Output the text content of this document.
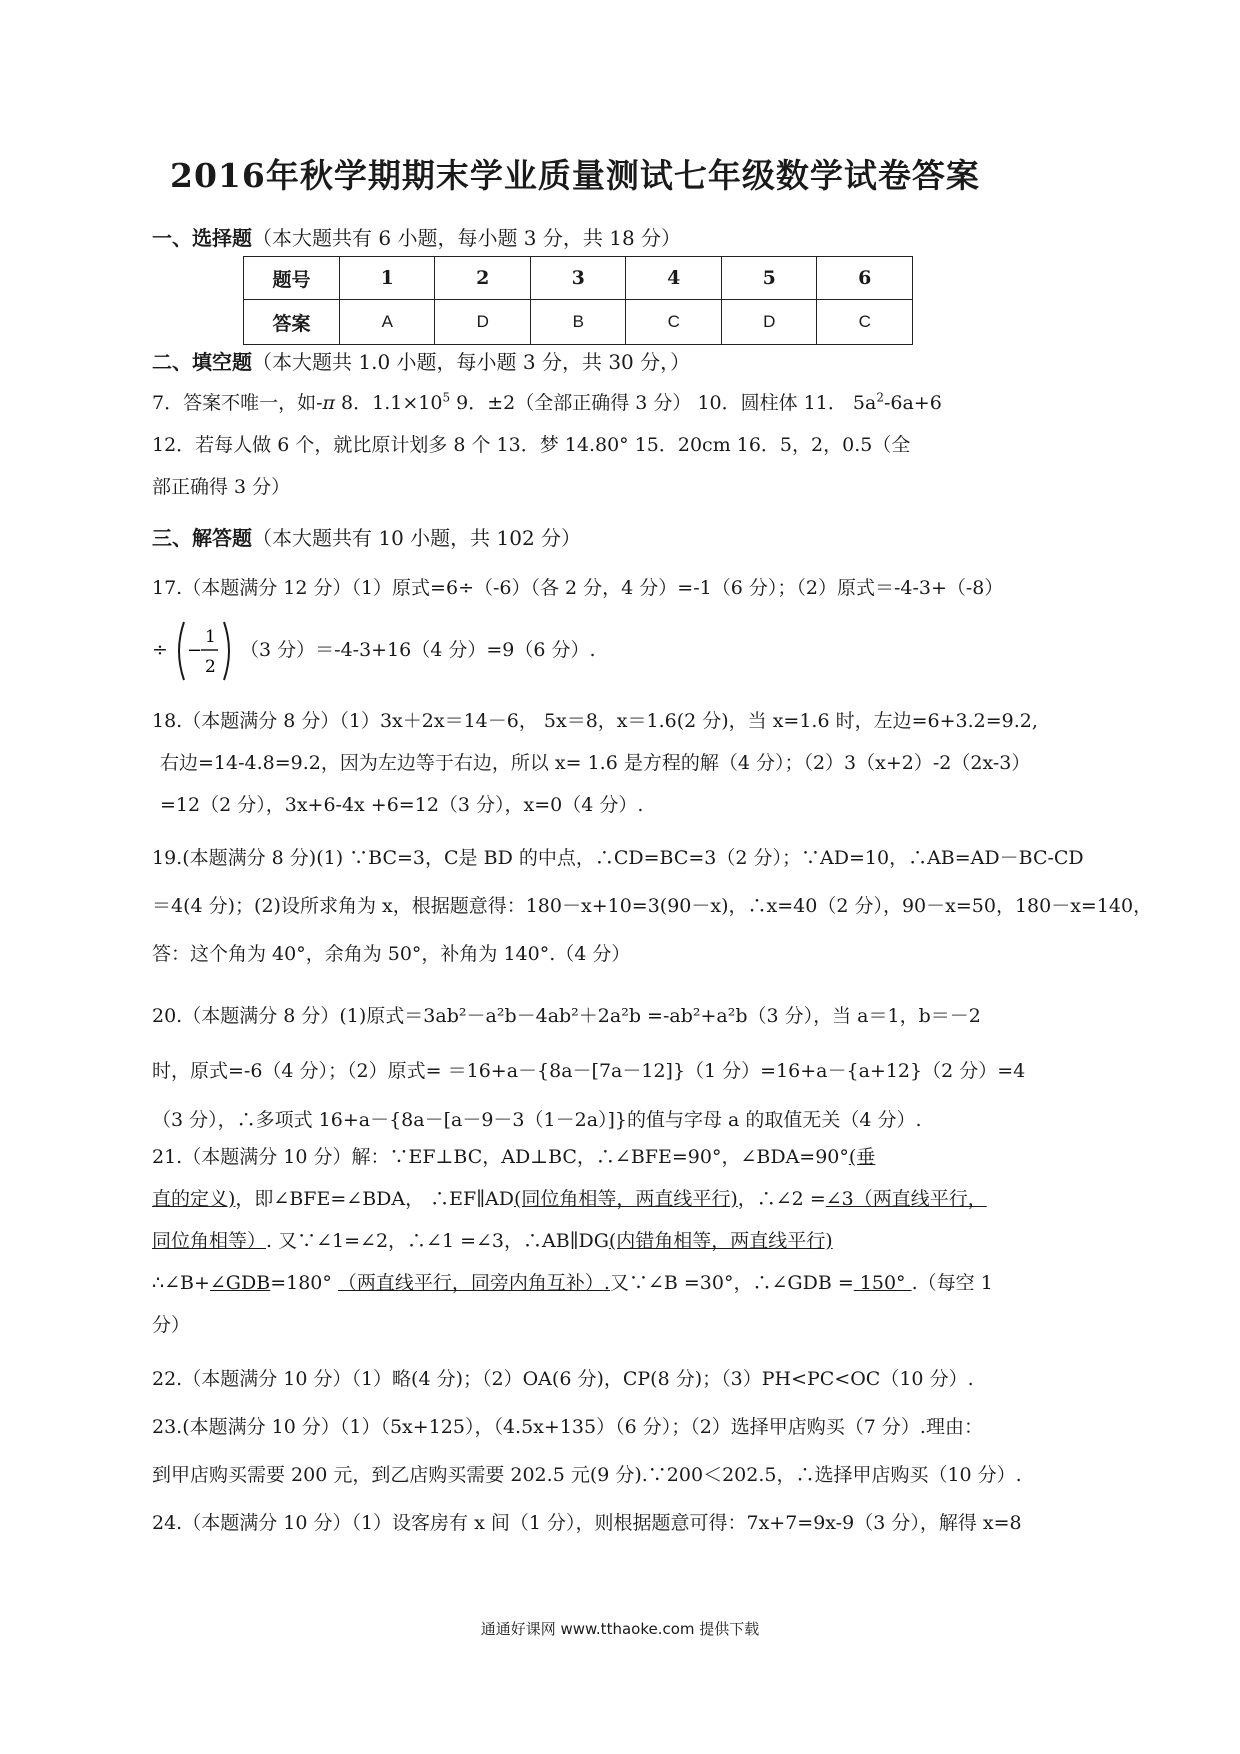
2016年秋学期期末学业质量测试七年级数学试卷答案
一、选择题（本大题共有 6 小题，每小题 3 分，共 18 分）
题号	1	2	3	4	5	6
答案	A	D	B	C	D	C
二、填空题（本大题共 1.0 小题，每小题 3 分，共 30 分，）
7．答案不唯一，如-π 8．$1.1\times 10^5$ 9．±2（全部正确得 3 分） 10．圆柱体 11． $5a^2-6a+6$
12．若每人做 6 个，就比原计划多 8 个 13．梦 14.80° 15．20cm 16．5，2，0.5（全
部正确得 3 分）
三、解答题（本大题共有 10 小题，共 102 分）
17.（本题满分 12 分）（1）原式=6÷（-6）（各 2 分，4 分）=-1（6 分）；（2）原式＝-4-3+（-8）
÷ −
1
2
（3 分）＝-4-3+16（4 分）=9（6 分）.
18.（本题满分 8 分）（1）3x＋2x＝14－6， 5x＝8，x＝1.6(2 分)，当 x=1.6 时，左边=6+3.2=9.2,
右边=14-4.8=9.2，因为左边等于右边，所以 x= 1.6 是方程的解（4 分）；（2）3（x+2）-2（2x-3）
=12（2 分），3x+6-4x +6=12（3 分），x=0（4 分）.
19.(本题满分 8 分)(1) ∵BC=3，C是 BD 的中点，∴CD=BC=3（2 分）；∵AD=10，∴AB=AD－BC-CD
＝4(4 分)；(2)设所求角为 x，根据题意得：180－x+10=3(90－x)，∴x=40（2 分），90－x=50，180－x=140，
答：这个角为 40°，余角为 50°，补角为 140°.（4 分）
20.（本题满分 8 分）(1)原式＝3ab²－a²b－4ab²＋2a²b =-ab²+a²b（3 分），当 a＝1，b＝－2
时，原式=-6（4 分）；（2）原式= ＝16+a－{8a－[7a－12]}（1 分）=16+a－{a+12}（2 分）=4
（3 分），∴多项式 16+a－{8a－[a－9－3（1－2a）]}的值与字母 a 的取值无关（4 分）.
21.（本题满分 10 分）解：∵EF⊥BC，AD⊥BC，∴∠BFE=90°，∠BDA=90°(垂
直的定义)，即∠BFE=∠BDA， ∴EF∥AD(同位角相等，两直线平行)，∴∠2 =∠3（两直线平行，
同位角相等）. 又∵∠1=∠2，∴∠1 =∠3，∴AB∥DG(内错角相等，两直线平行)
∴∠B+∠GDB=180° （两直线平行，同旁内角互补）.又∵∠B =30°，∴∠GDB = 150° .（每空 1
分）
22.（本题满分 10 分）（1）略(4 分)；（2）OA(6 分)，CP(8 分)；（3）PH<PC<OC（10 分）.
23.(本题满分 10 分）（1）（5x+125），（4.5x+135）（6 分）；（2）选择甲店购买（7 分）.理由：
到甲店购买需要 200 元，到乙店购买需要 202.5 元(9 分).∵200＜202.5，∴选择甲店购买（10 分）.
24.（本题满分 10 分）（1）设客房有 x 间（1 分），则根据题意可得：7x+7=9x-9（3 分），解得 x=8
通通好课网 www.tthaoke.com 提供下载
